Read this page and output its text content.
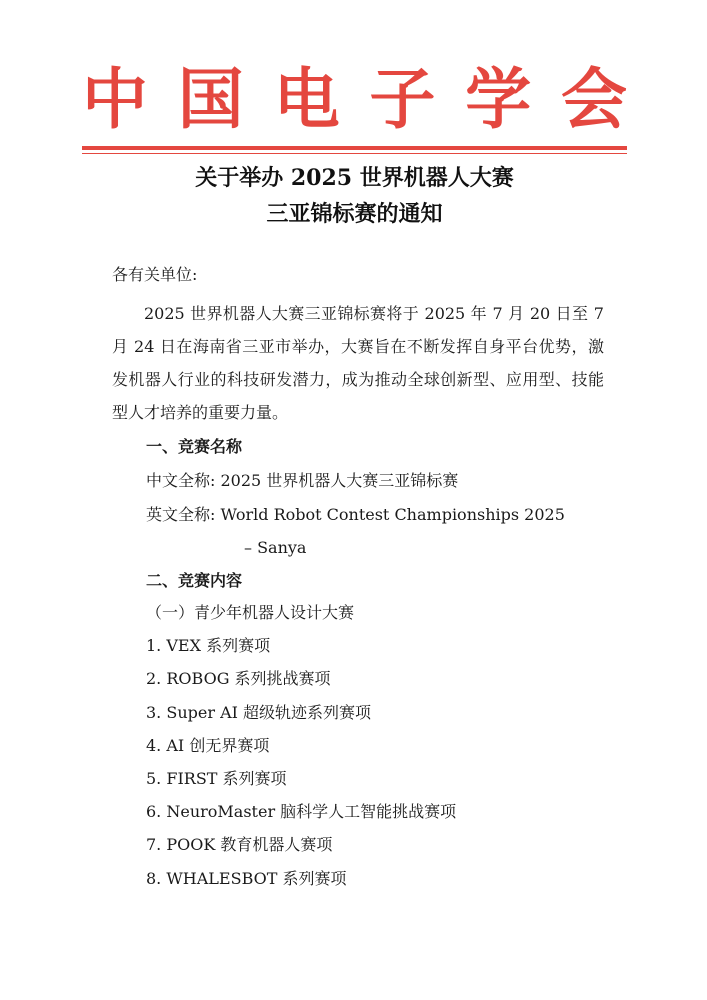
中 国 电 子 学 会
关于举办 2025 世界机器人大赛
三亚锦标赛的通知
各有关单位:
2025 世界机器人大赛三亚锦标赛将于 2025 年 7 月 20 日至 7 月 24 日在海南省三亚市举办，大赛旨在不断发挥自身平台优势，激发机器人行业的科技研发潜力，成为推动全球创新型、应用型、技能型人才培养的重要力量。
一、竞赛名称
中文全称: 2025 世界机器人大赛三亚锦标赛
英文全称: World Robot Contest Championships 2025
– Sanya
二、竞赛内容
（一）青少年机器人设计大赛
1. VEX 系列赛项
2. ROBOG 系列挑战赛项
3. Super AI 超级轨迹系列赛项
4. AI 创无界赛项
5. FIRST 系列赛项
6. NeuroMaster 脑科学人工智能挑战赛项
7. POOK 教育机器人赛项
8. WHALESBOT 系列赛项
